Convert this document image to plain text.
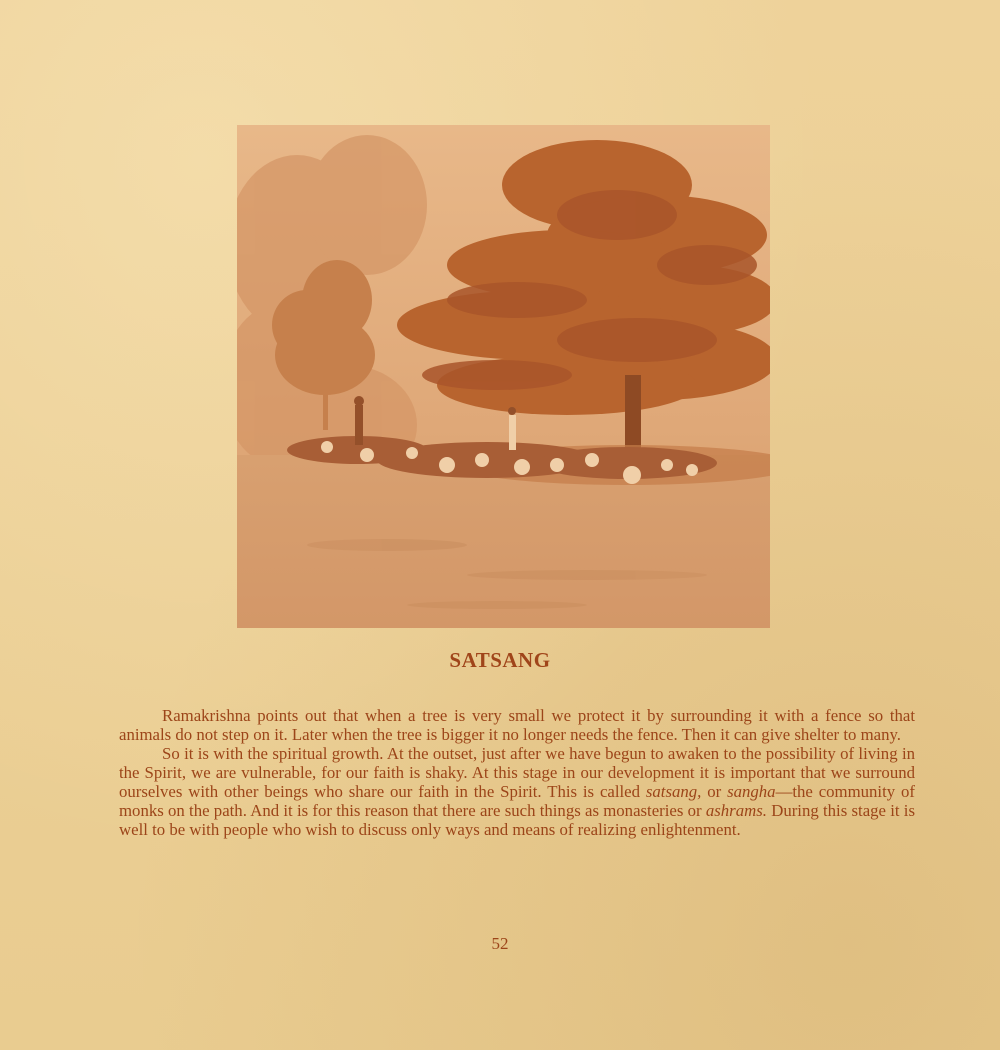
SATSANG

Ramakrishna points out that when a tree is very small we protect it by surrounding it with a fence so that animals do not step on it. Later when the tree is bigger it no longer needs the fence. Then it can give shelter to many.

So it is with the spiritual growth. At the outset, just after we have begun to awaken to the possibility of living in the Spirit, we are vulnerable, for our faith is shaky. At this stage in our development it is important that we surround ourselves with other beings who share our faith in the Spirit. This is called satsang, or sangha—the community of monks on the path. And it is for this reason that there are such things as monasteries or ashrams. During this stage it is well to be with people who wish to discuss only ways and means of realizing enlightenment.

52
